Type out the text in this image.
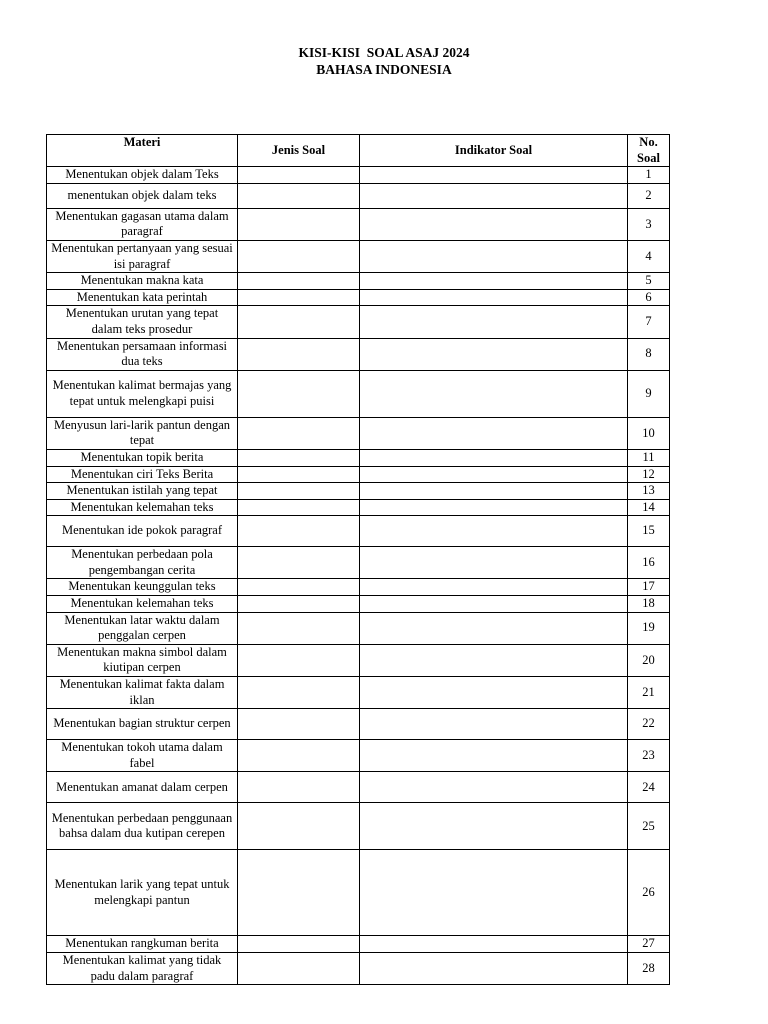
KISI-KISI  SOAL ASAJ 2024
BAHASA INDONESIA
Materi	Jenis Soal	Indikator Soal	No. Soal
Menentukan objek dalam Teks			1
menentukan objek dalam teks			2
Menentukan gagasan utama dalam paragraf			3
Menentukan pertanyaan yang sesuai isi paragraf			4
Menentukan makna kata			5
Menentukan kata perintah			6
Menentukan urutan yang tepat dalam teks prosedur			7
Menentukan persamaan informasi dua teks			8
Menentukan kalimat bermajas yang tepat untuk melengkapi puisi			9
Menyusun lari-larik pantun dengan tepat			10
Menentukan topik berita			11
Menentukan ciri Teks Berita			12
Menentukan istilah yang tepat			13
Menentukan kelemahan teks			14
Menentukan ide pokok paragraf			15
Menentukan perbedaan pola pengembangan cerita			16
Menentukan keunggulan teks			17
Menentukan kelemahan teks			18
Menentukan latar waktu dalam penggalan cerpen			19
Menentukan makna simbol dalam kiutipan cerpen			20
Menentukan kalimat fakta dalam iklan			21
Menentukan bagian struktur cerpen			22
Menentukan tokoh utama dalam fabel			23
Menentukan amanat dalam cerpen			24
Menentukan perbedaan penggunaan bahsa dalam dua kutipan cerepen			25
Menentukan larik yang tepat untuk melengkapi pantun			26
Menentukan rangkuman berita			27
Menentukan kalimat yang tidak padu dalam paragraf			28
